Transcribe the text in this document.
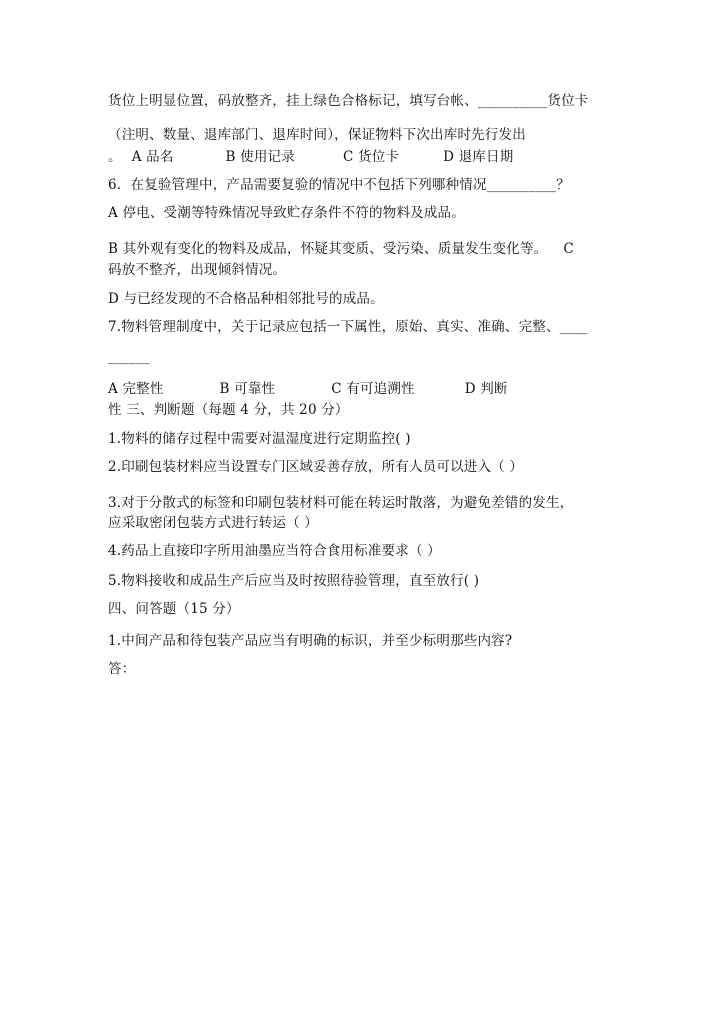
货位上明显位置，码放整齐，挂上绿色合格标记，填写台帐、__________货位卡
（注明、数量、退库部门、退库时间），保证物料下次出库时先行发出
。 A 品名	B 使用记录	C 货位卡	D 退库日期
6．在复验管理中，产品需要复验的情况中不包括下列哪种情况__________？
A 停电、受潮等特殊情况导致贮存条件不符的物料及成品。
B 其外观有变化的物料及成品，怀疑其变质、受污染、质量发生变化等。 C
码放不整齐，出现倾斜情况。
D 与已经发现的不合格品种相邻批号的成品。
7.物料管理制度中，关于记录应包括一下属性，原始、真实、准确、完整、____
______
A 完整性	B 可靠性	C 有可追溯性	D 判断
性 三、判断题（每题 4 分，共 20 分）
1.物料的储存过程中需要对温湿度进行定期监控( )
2.印刷包装材料应当设置专门区域妥善存放，所有人员可以进入（ ）
3.对于分散式的标签和印刷包装材料可能在转运时散落，为避免差错的发生，
应采取密闭包装方式进行转运（ ）
4.药品上直接印字所用油墨应当符合食用标准要求（ ）
5.物料接收和成品生产后应当及时按照待验管理，直至放行( )
四、问答题（15 分）
1.中间产品和待包装产品应当有明确的标识，并至少标明那些内容?
答：
